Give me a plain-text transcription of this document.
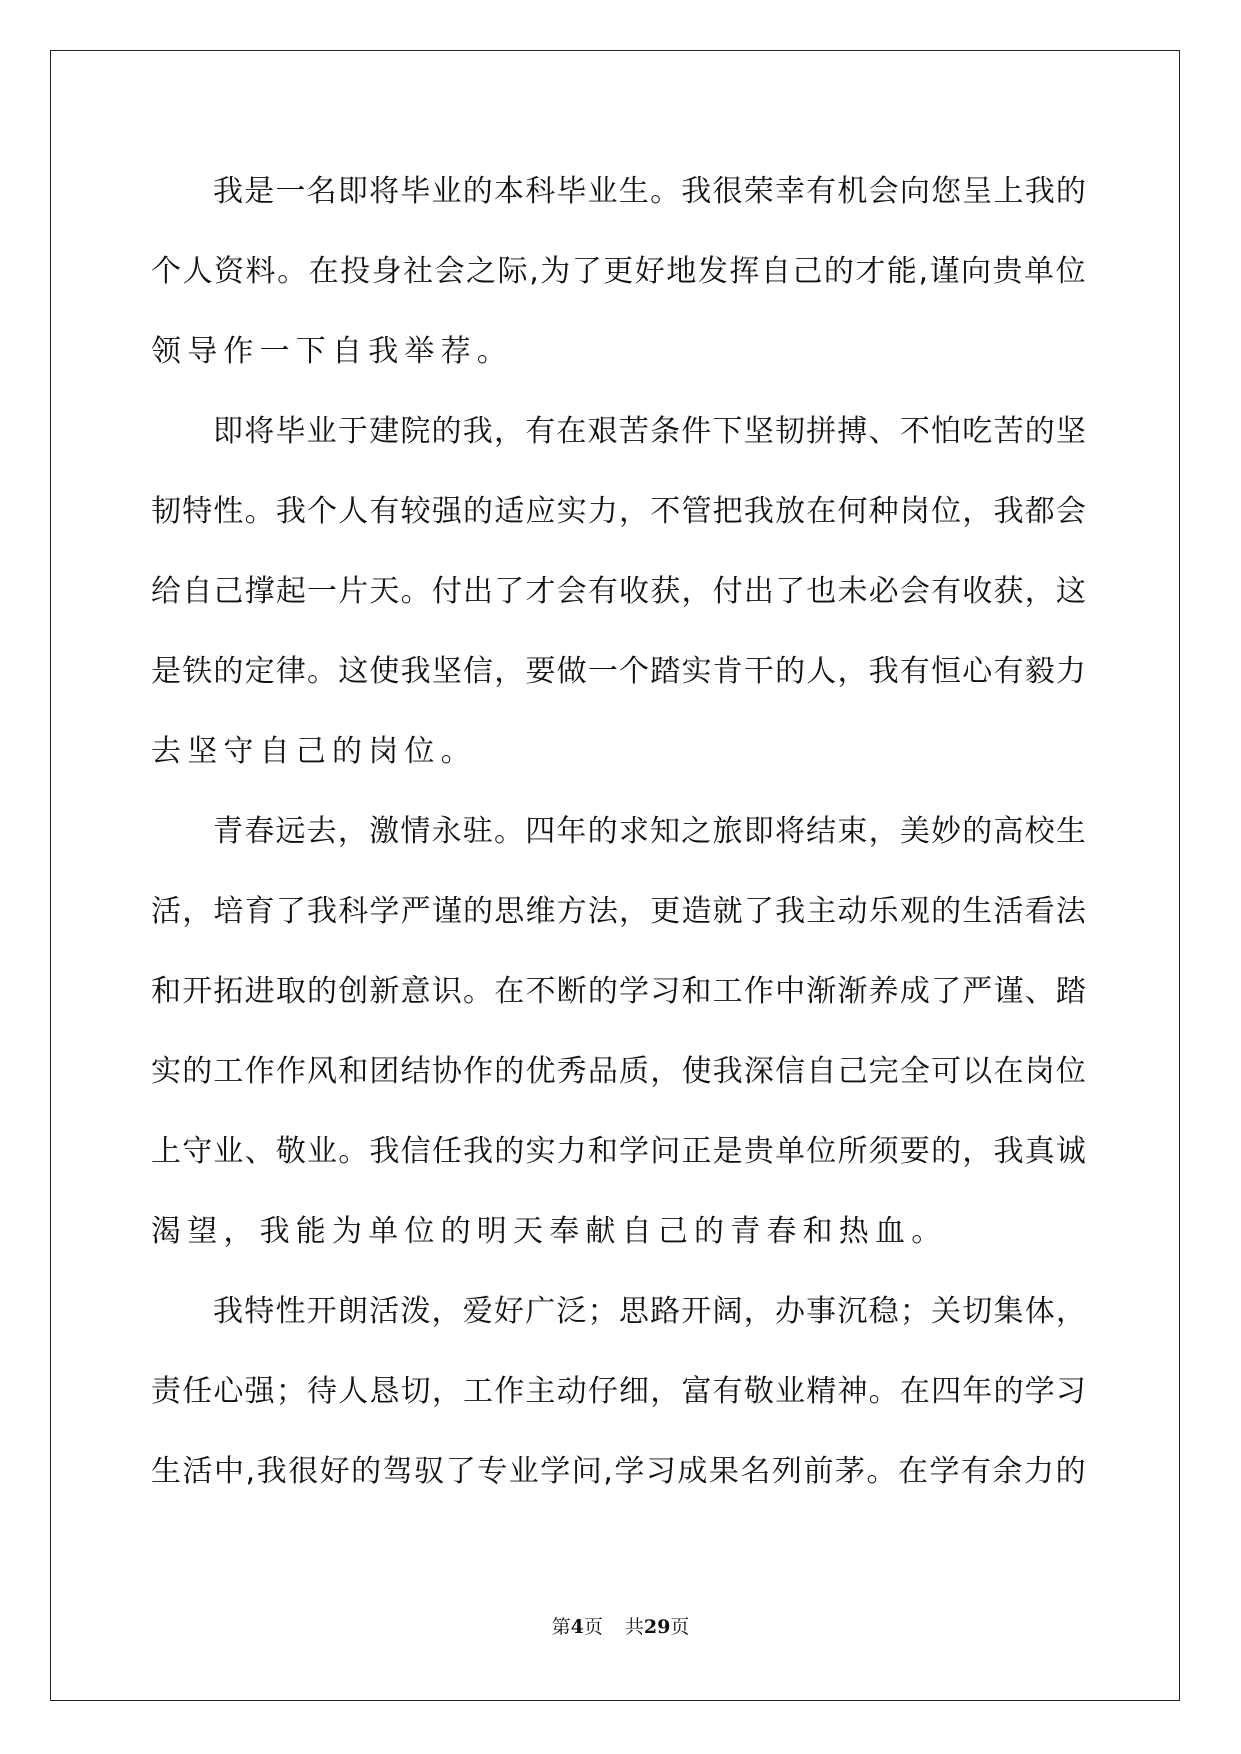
我 是 一 名 即 将 毕 业 的 本 科 毕 业 生 。 我 很 荣 幸 有 机 会 向 您 呈 上 我 的
个 人 资 料 。 在 投 身 社 会 之 际 , 为 了 更 好 地 发 挥 自 己 的 才 能 , 谨 向 贵 单 位
领导作一下自我举荐。
即 将 毕 业 于 建 院 的 我 ， 有 在 艰 苦 条 件 下 坚 韧 拼 搏 、 不 怕 吃 苦 的 坚
韧 特 性 。 我 个 人 有 较 强 的 适 应 实 力 ， 不 管 把 我 放 在 何 种 岗 位 ， 我 都 会
给 自 己 撑 起 一 片 天 。 付 出 了 才 会 有 收 获 ， 付 出 了 也 未 必 会 有 收 获 ， 这
是 铁 的 定 律 。 这 使 我 坚 信 ， 要 做 一 个 踏 实 肯 干 的 人 ， 我 有 恒 心 有 毅 力
去坚守自己的岗位。
青 春 远 去 ， 激 情 永 驻 。 四 年 的 求 知 之 旅 即 将 结 束 ， 美 妙 的 高 校 生
活 ， 培 育 了 我 科 学 严 谨 的 思 维 方 法 ， 更 造 就 了 我 主 动 乐 观 的 生 活 看 法
和 开 拓 进 取 的 创 新 意 识 。 在 不 断 的 学 习 和 工 作 中 渐 渐 养 成 了 严 谨 、 踏
实 的 工 作 作 风 和 团 结 协 作 的 优 秀 品 质 ， 使 我 深 信 自 己 完 全 可 以 在 岗 位
上 守 业 、 敬 业 。 我 信 任 我 的 实 力 和 学 问 正 是 贵 单 位 所 须 要 的 ， 我 真 诚
渴望，我能为单位的明天奉献自己的青春和热血。
我 特 性 开 朗 活 泼 ， 爱 好 广 泛 ； 思 路 开 阔 ， 办 事 沉 稳 ； 关 切 集 体 ，
责 任 心 强 ； 待 人 恳 切 ， 工 作 主 动 仔 细 ， 富 有 敬 业 精 神 。 在 四 年 的 学 习
生 活 中 , 我 很 好 的 驾 驭 了 专 业 学 问 , 学 习 成 果 名 列 前 茅 。 在 学 有 余 力 的
第4页 共29页
